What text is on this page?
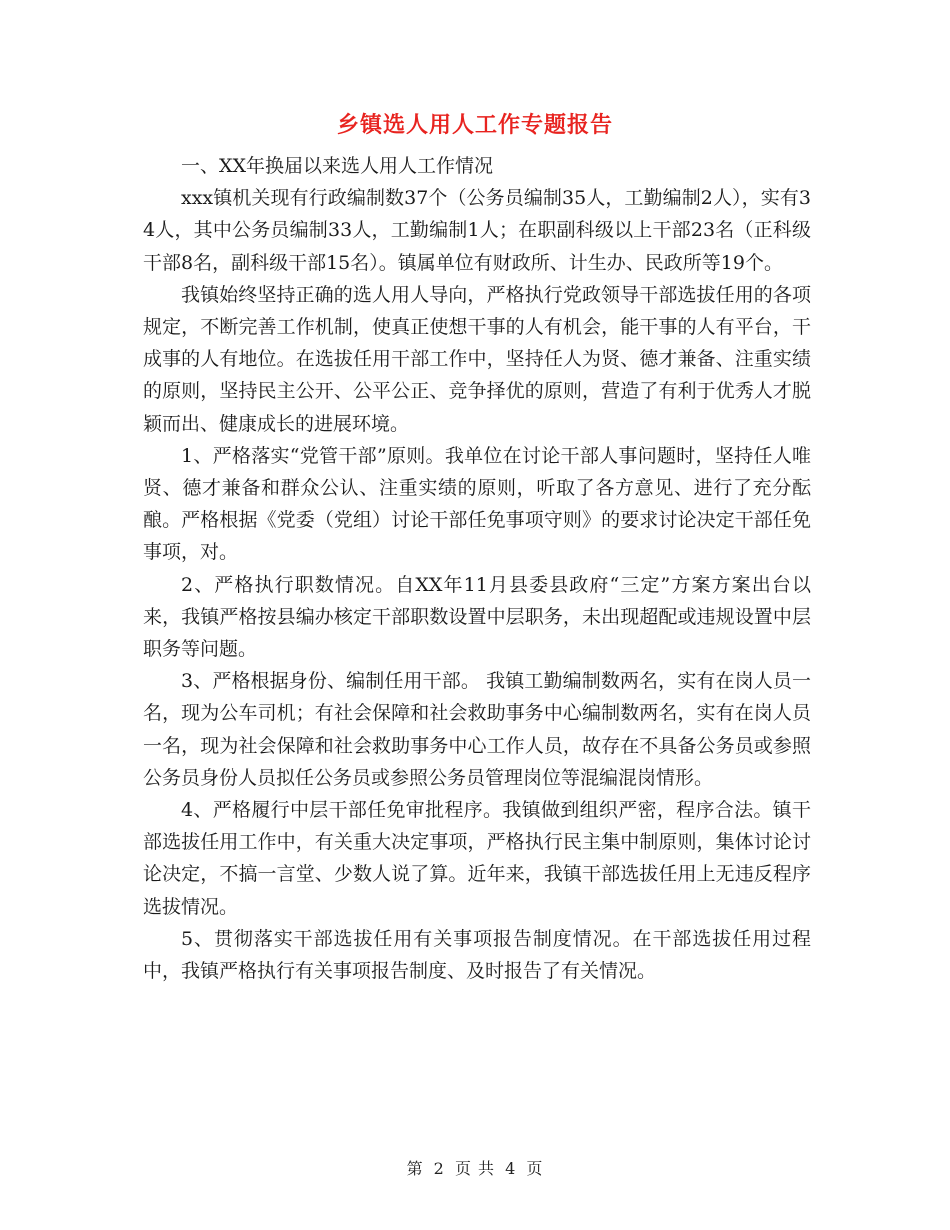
乡镇选人用人工作专题报告

一、XX年换届以来选人用人工作情况

xxx镇机关现有行政编制数37个（公务员编制35人，工勤编制2人），实有34人，其中公务员编制33人，工勤编制1人；在职副科级以上干部23名（正科级干部8名，副科级干部15名）。镇属单位有财政所、计生办、民政所等19个。

我镇始终坚持正确的选人用人导向，严格执行党政领导干部选拔任用的各项规定，不断完善工作机制，使真正使想干事的人有机会，能干事的人有平台，干成事的人有地位。在选拔任用干部工作中，坚持任人为贤、德才兼备、注重实绩的原则，坚持民主公开、公平公正、竞争择优的原则，营造了有利于优秀人才脱颖而出、健康成长的进展环境。

1、严格落实“党管干部”原则。我单位在讨论干部人事问题时，坚持任人唯贤、德才兼备和群众公认、注重实绩的原则，听取了各方意见、进行了充分酝酿。严格根据《党委（党组）讨论干部任免事项守则》的要求讨论决定干部任免事项，对。

2、严格执行职数情况。自XX年11月县委县政府“三定”方案方案出台以来，我镇严格按县编办核定干部职数设置中层职务，未出现超配或违规设置中层职务等问题。

3、严格根据身份、编制任用干部。 我镇工勤编制数两名，实有在岗人员一名，现为公车司机；有社会保障和社会救助事务中心编制数两名，实有在岗人员一名，现为社会保障和社会救助事务中心工作人员，故存在不具备公务员或参照公务员身份人员拟任公务员或参照公务员管理岗位等混编混岗情形。

4、严格履行中层干部任免审批程序。我镇做到组织严密，程序合法。镇干部选拔任用工作中，有关重大决定事项，严格执行民主集中制原则，集体讨论讨论决定，不搞一言堂、少数人说了算。近年来，我镇干部选拔任用上无违反程序选拔情况。

5、贯彻落实干部选拔任用有关事项报告制度情况。在干部选拔任用过程中，我镇严格执行有关事项报告制度、及时报告了有关情况。

第 2 页 共 4 页
